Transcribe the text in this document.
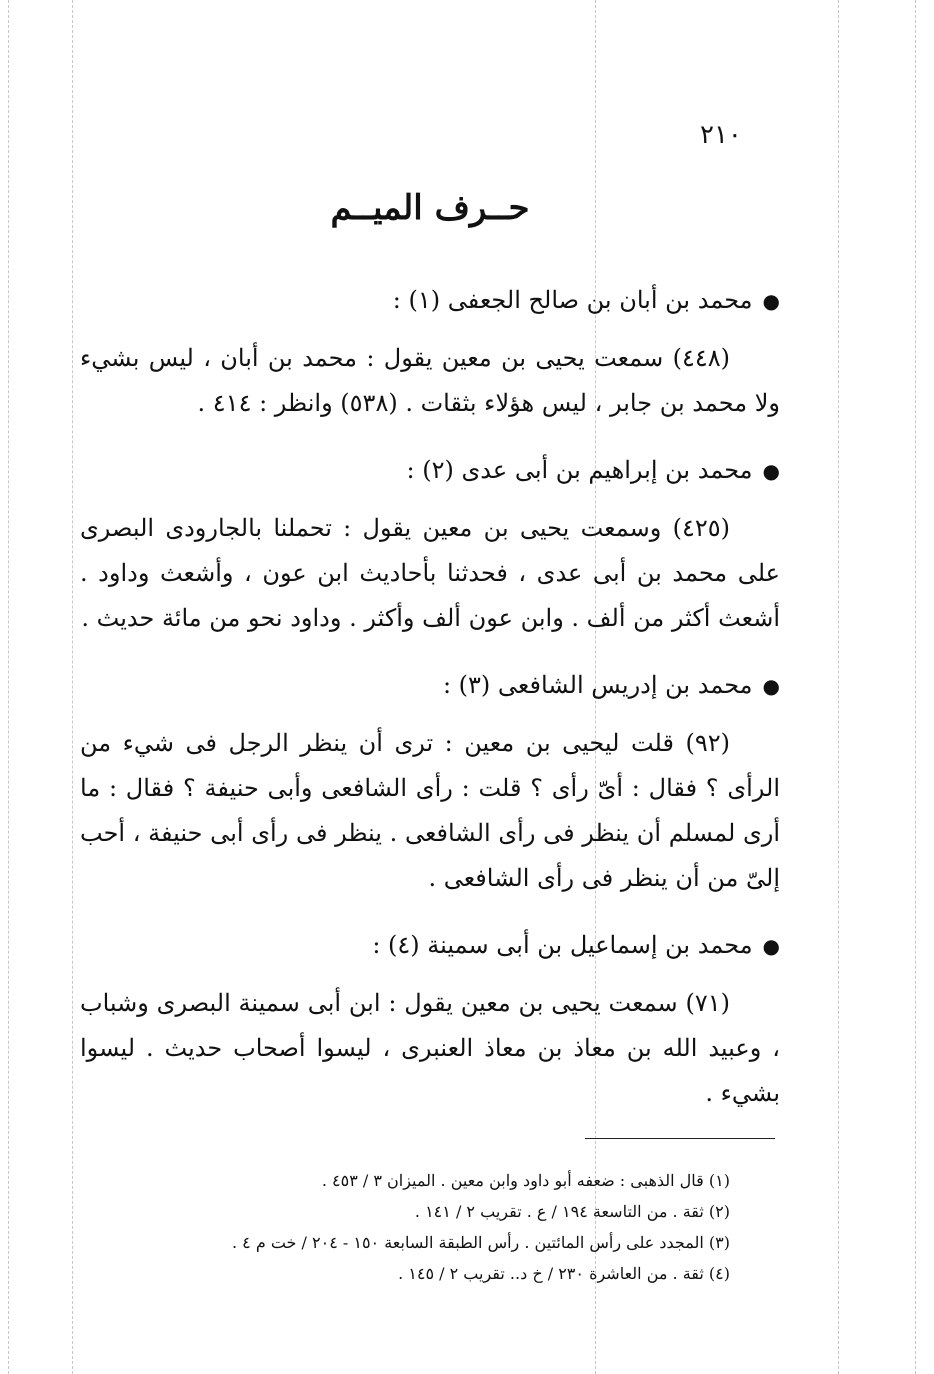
٢١٠
حــرف الميــم

●محمد بن أبان بن صالح الجعفى (١) :

(٤٤٨) سمعت يحيى بن معين يقول : محمد بن أبان ، ليس بشيء ولا محمد بن جابر ، ليس هؤلاء بثقات . (٥٣٨) وانظر : ٤١٤ .

●محمد بن إبراهيم بن أبى عدى (٢) :

(٤٢٥) وسمعت يحيى بن معين يقول : تحملنا بالجارودى البصرى على محمد بن أبى عدى ، فحدثنا بأحاديث ابن عون ، وأشعث وداود . أشعث أكثر من ألف . وابن عون ألف وأكثر . وداود نحو من مائة حديث .

●محمد بن إدريس الشافعى (٣) :

(٩٢) قلت ليحيى بن معين : ترى أن ينظر الرجل فى شيء من الرأى ؟ فقال : أىّ رأى ؟ قلت : رأى الشافعى وأبى حنيفة ؟ فقال : ما أرى لمسلم أن ينظر فى رأى الشافعى . ينظر فى رأى أبى حنيفة ، أحب إلىّ من أن ينظر فى رأى الشافعى .

●محمد بن إسماعيل بن أبى سمينة (٤) :

(٧١) سمعت يحيى بن معين يقول : ابن أبى سمينة البصرى وشباب ، وعبيد الله بن معاذ بن معاذ العنبرى ، ليسوا أصحاب حديث . ليسوا بشيء .

(١) قال الذهبى : ضعفه أبو داود وابن معين . الميزان ٣ / ٤٥٣ .

(٢) ثقة . من التاسعة ١٩٤ / ع . تقريب ٢ / ١٤١ .

(٣) المجدد على رأس المائتين . رأس الطبقة السابعة ١٥٠ - ٢٠٤ / خت م ٤ .

(٤) ثقة . من العاشرة ٢٣٠ / خ د.. تقريب ٢ / ١٤٥ .
